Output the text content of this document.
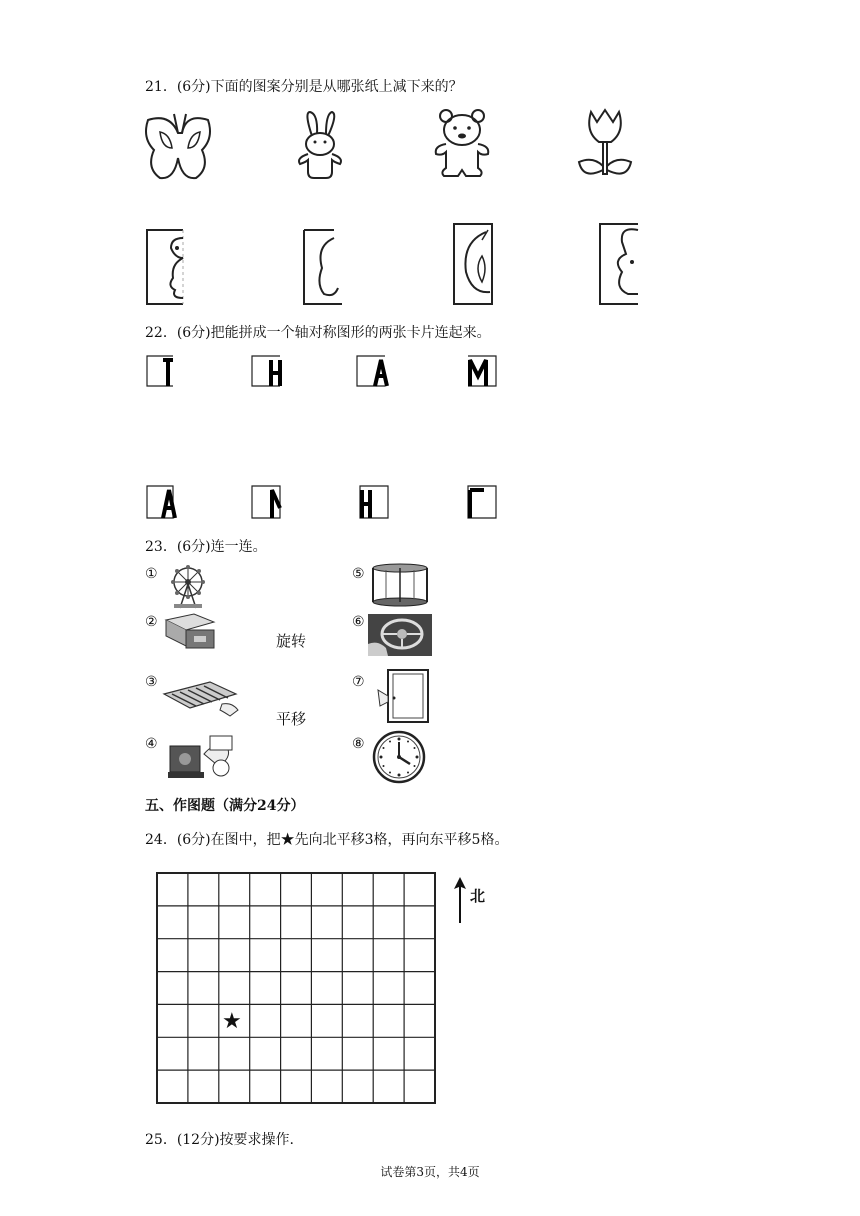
21．(6分)下面的图案分别是从哪张纸上减下来的？
22．(6分)把能拼成一个轴对称图形的两张卡片连起来。
23．(6分)连一连。
①
②
③
④
⑤
⑥
⑦
⑧
旋转
平移
五、作图题（满分24分）
24．(6分)在图中，把★先向北平移3格，再向东平移5格。
★
北
25．(12分)按要求操作.
试卷第3页，共4页
